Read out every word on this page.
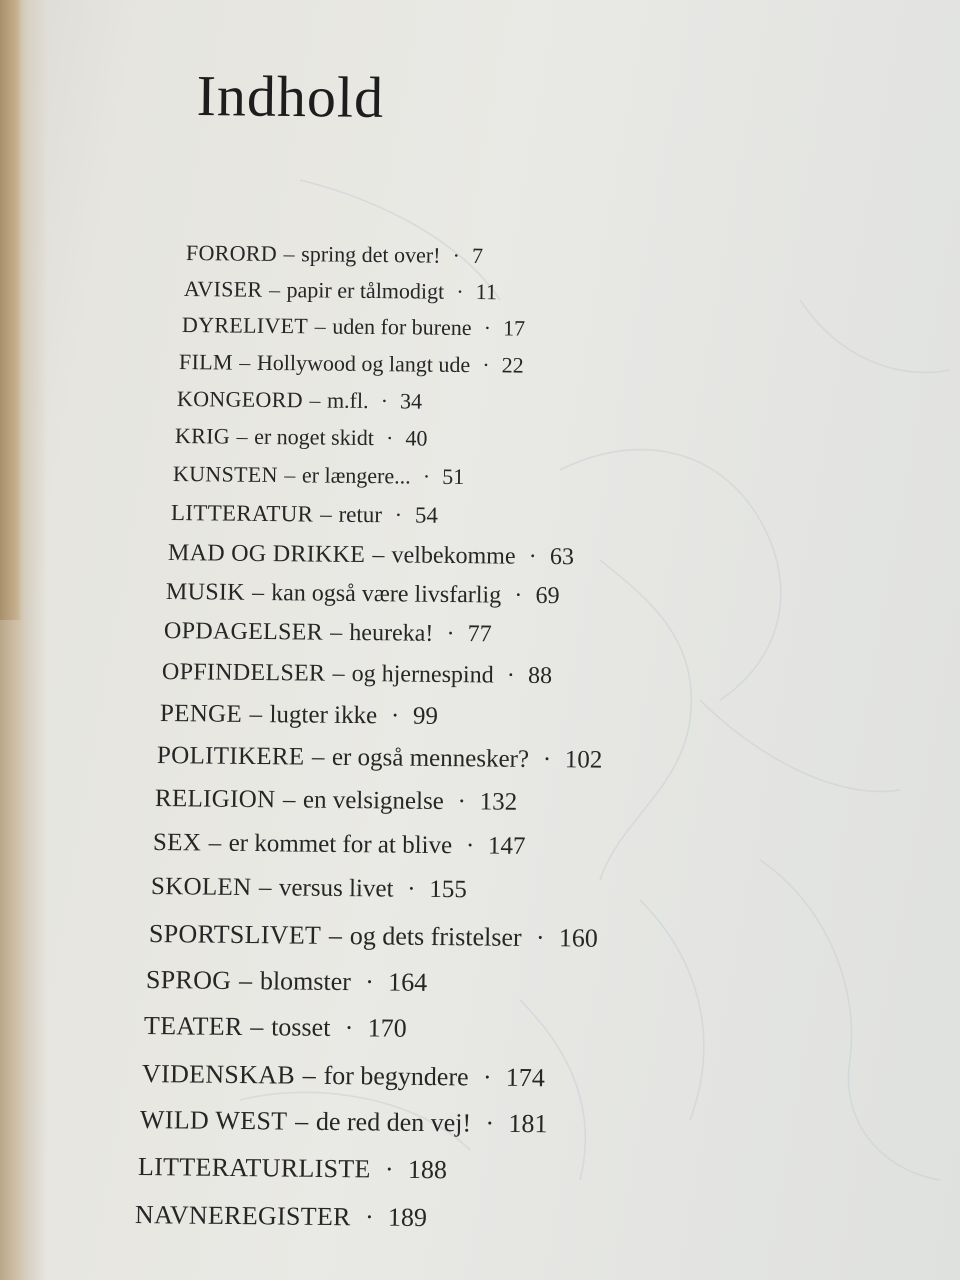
Indhold
FORORD – spring det over! · 7
AVISER – papir er tålmodigt · 11
DYRELIVET – uden for burene · 17
FILM – Hollywood og langt ude · 22
KONGEORD – m.fl. · 34
KRIG – er noget skidt · 40
KUNSTEN – er længere... · 51
LITTERATUR – retur · 54
MAD OG DRIKKE – velbekomme · 63
MUSIK – kan også være livsfarlig · 69
OPDAGELSER – heureka! · 77
OPFINDELSER – og hjernespind · 88
PENGE – lugter ikke · 99
POLITIKERE – er også mennesker? · 102
RELIGION – en velsignelse · 132
SEX – er kommet for at blive · 147
SKOLEN – versus livet · 155
SPORTSLIVET – og dets fristelser · 160
SPROG – blomster · 164
TEATER – tosset · 170
VIDENSKAB – for begyndere · 174
WILD WEST – de red den vej! · 181
LITTERATURLISTE · 188
NAVNEREGISTER · 189
